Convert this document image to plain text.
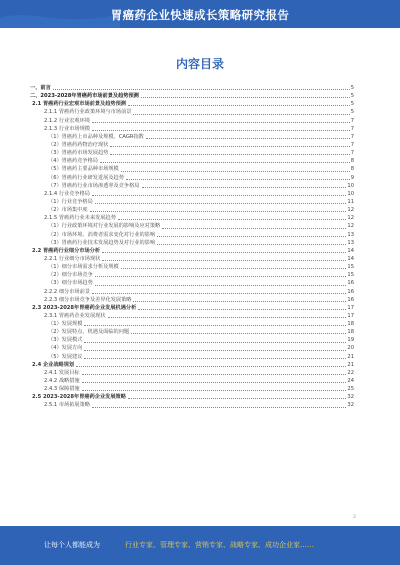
胃癌药企业快速成长策略研究报告
内容目录
一、前言	5
二、2023-2028年胃癌药市场前景及趋势预测	5
2.1 胃癌药行业宏观市场前景及趋势预测	5
2.1.1 胃癌药行业政策环境与市场前景	5
2.1.2 行业宏观环境	7
2.1.3 行业市场规模	7
（1）胃癌药上市品种及规模，CAGR指数	7
（2）胃癌药药物治疗现状	7
（3）胃癌药市场发展趋势	7
（4）胃癌药竞争格局	8
（5）胃癌药主要品种市场规模	8
（6）胃癌药行业研发进展及趋势	9
（7）胃癌药行业市场渗透率及竞争格局	10
2.1.4 行业竞争格局	10
（1）行业竞争格局	11
（2）市场集中度	12
2.1.5 胃癌药行业未来发展趋势	12
（1）行业政策环境对行业发展的影响及应对策略	12
（2）市场环境、消费者需求变化对行业的影响	13
（3）胃癌药行业技术发展趋势及对行业的影响	13
2.2 胃癌药行业细分市场分析	14
2.2.1 行业细分市场现状	14
（1）细分市场需求分析及规模	15
（2）细分市场竞争	15
（3）细分市场趋势	16
2.2.2 细分市场前景	16
2.2.3 细分市场竞争及差异化发展策略	16
2.3 2023-2028年胃癌药企业发展机遇分析	17
2.3.1 胃癌药企业发展现状	17
（1）发展规模	18
（2）发展特点、机遇及面临的问题	18
（3）发展模式	19
（4）发展方向	20
（5）发展建议	21
2.4 企业战略规划	21
2.4.1 发展目标	22
2.4.2 战略措施	24
2.4.3 保障措施	25
2.5 2023-2028年胃癌药企业发展策略	32
2.5.1 市场拓展策略	32
2
让每个人都能成为	行业专家、管理专家、营销专家、战略专家、成功企业家……
